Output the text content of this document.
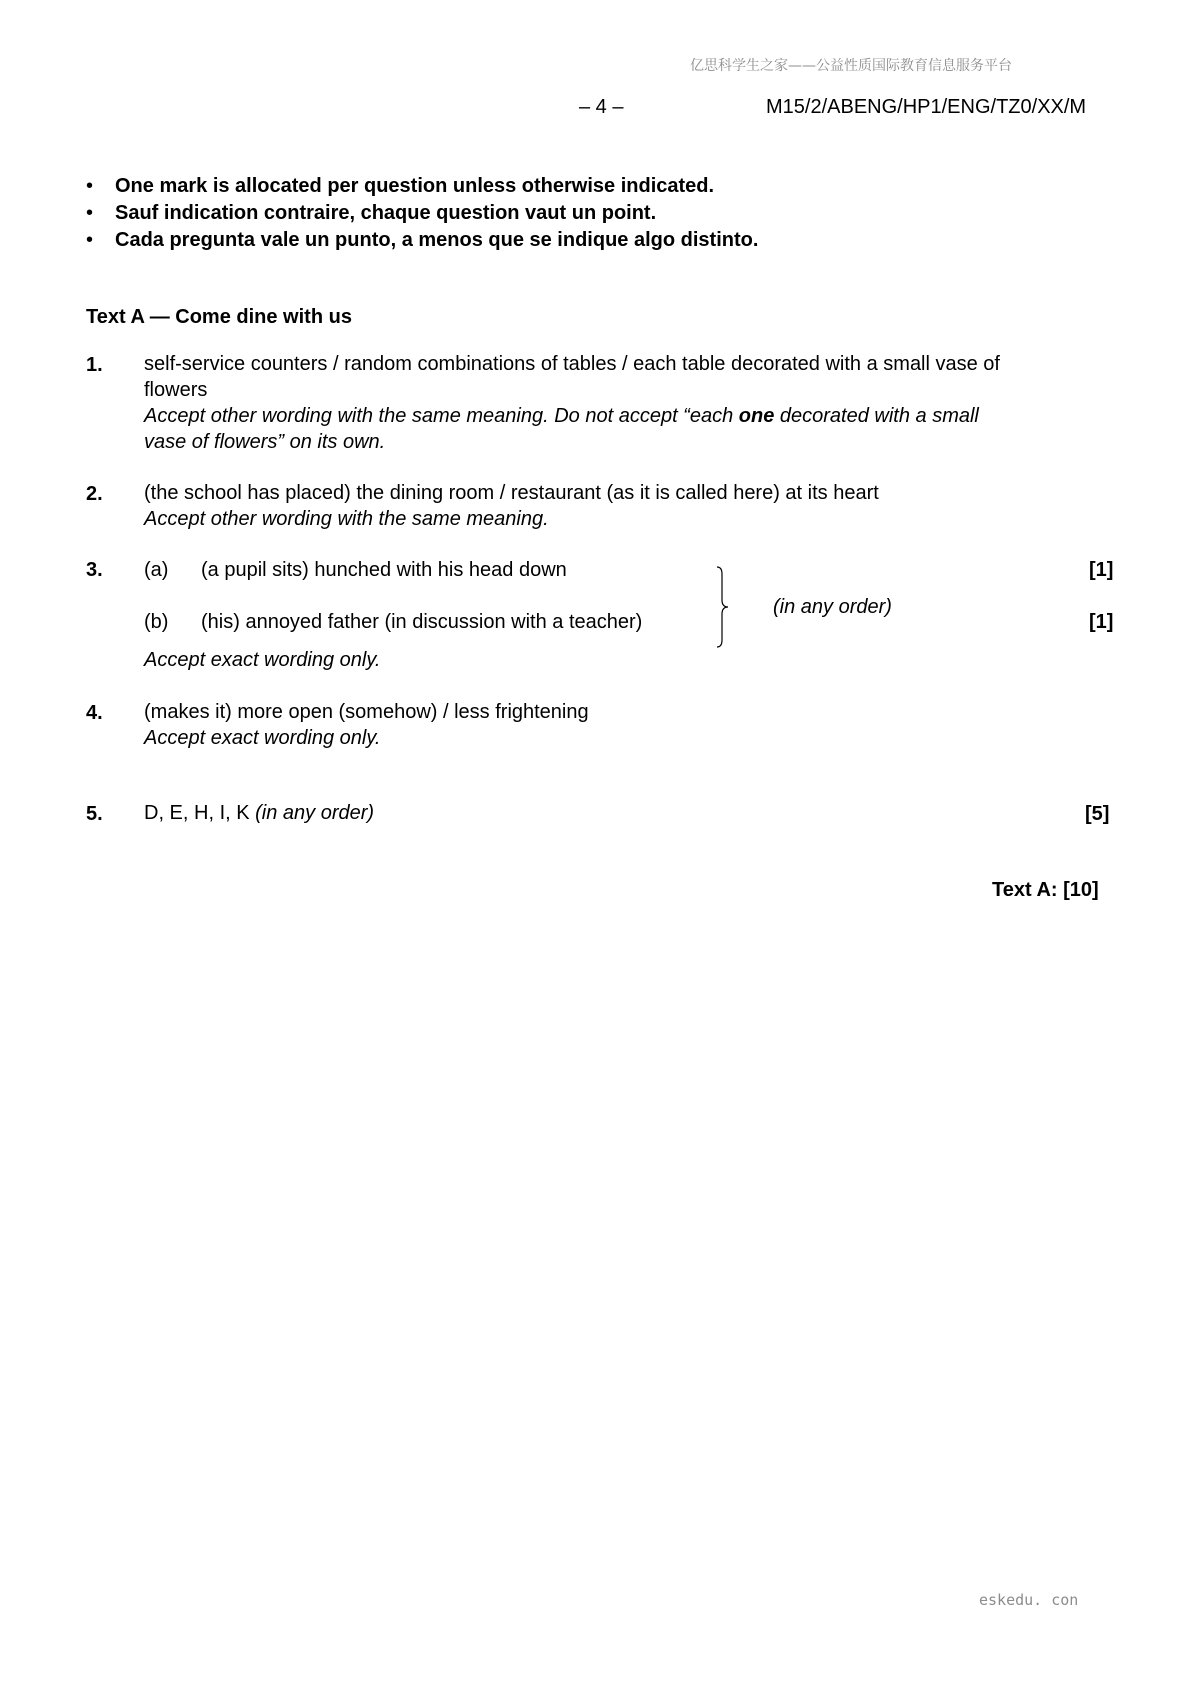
亿思科学生之家——公益性质国际教育信息服务平台
– 4 –	M15/2/ABENG/HP1/ENG/TZ0/XX/M
• One mark is allocated per question unless otherwise indicated.
• Sauf indication contraire, chaque question vaut un point.
• Cada pregunta vale un punto, a menos que se indique algo distinto.
Text A — Come dine with us
1. self-service counters / random combinations of tables / each table decorated with a small vase of flowers
Accept other wording with the same meaning. Do not accept “each one decorated with a small vase of flowers” on its own.
2. (the school has placed) the dining room / restaurant (as it is called here) at its heart
Accept other wording with the same meaning.
3. (a) (a pupil sits) hunched with his head down	[1]
(b) (his) annoyed father (in discussion with a teacher)	[1]
(in any order)
Accept exact wording only.
4. (makes it) more open (somehow) / less frightening
Accept exact wording only.
5. D, E, H, I, K (in any order)	[5]
Text A: [10]
eskedu. con
